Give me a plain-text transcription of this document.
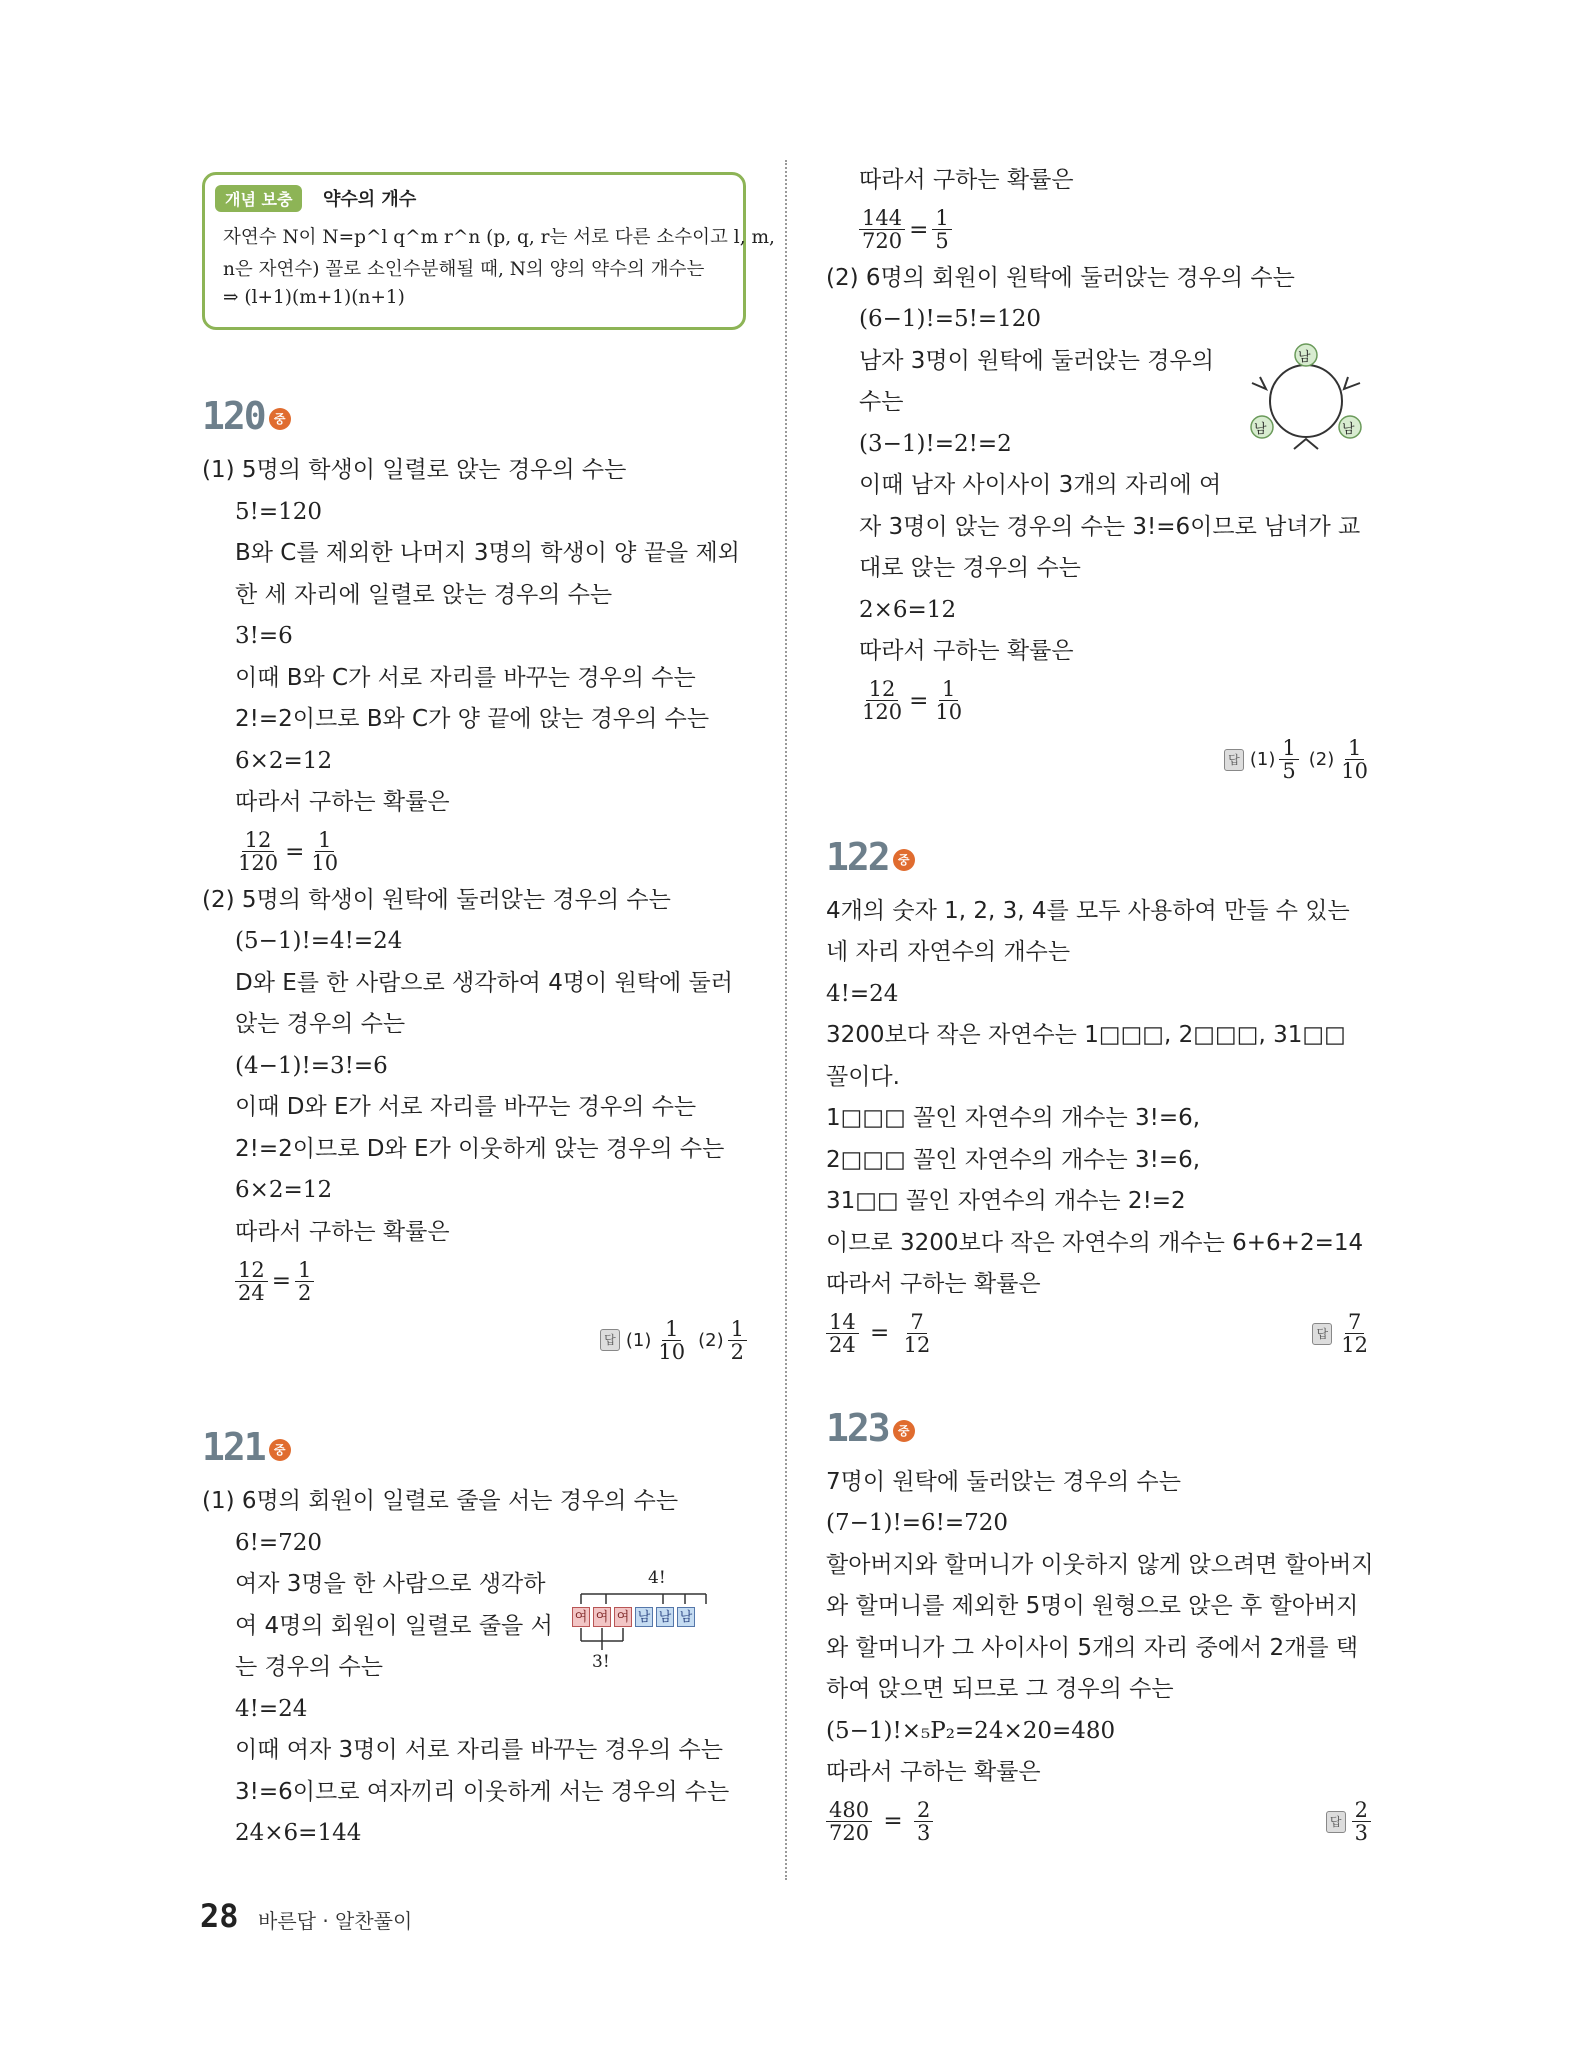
개념 보충	약수의 개수
자연수 N이 N=p^l q^m r^n (p, q, r는 서로 다른 소수이고 l, m,
n은 자연수) 꼴로 소인수분해될 때, N의 양의 약수의 개수는
⇒ (l+1)(m+1)(n+1)
120 중
(1) 5명의 학생이 일렬로 앉는 경우의 수는
5!=120
B와 C를 제외한 나머지 3명의 학생이 양 끝을 제외
한 세 자리에 일렬로 앉는 경우의 수는
3!=6
이때 B와 C가 서로 자리를 바꾸는 경우의 수는
2!=2이므로 B와 C가 양 끝에 앉는 경우의 수는
6×2=12
따라서 구하는 확률은
$\frac{12}{120} = \frac{1}{10}$
(2) 5명의 학생이 원탁에 둘러앉는 경우의 수는
(5−1)!=4!=24
D와 E를 한 사람으로 생각하여 4명이 원탁에 둘러
앉는 경우의 수는
(4−1)!=3!=6
이때 D와 E가 서로 자리를 바꾸는 경우의 수는
2!=2이므로 D와 E가 이웃하게 앉는 경우의 수는
6×2=12
따라서 구하는 확률은
$\frac{12}{24} = \frac{1}{2}$
답 $(1) \frac{1}{10} (2) \frac{1}{2}$
121 중
(1) 6명의 회원이 일렬로 줄을 서는 경우의 수는
6!=720
여자 3명을 한 사람으로 생각하
여 4명의 회원이 일렬로 줄을 서
는 경우의 수는
4!
여 여 여 남 남 남
3!
4!=24
이때 여자 3명이 서로 자리를 바꾸는 경우의 수는
3!=6이므로 여자끼리 이웃하게 서는 경우의 수는
24×6=144
따라서 구하는 확률은
$\frac{144}{720} = \frac{1}{5}$
(2) 6명의 회원이 원탁에 둘러앉는 경우의 수는
(6−1)!=5!=120
남자 3명이 원탁에 둘러앉는 경우의
수는
(3−1)!=2!=2
남
남	남
이때 남자 사이사이 3개의 자리에 여
자 3명이 앉는 경우의 수는 3!=6이므로 남녀가 교
대로 앉는 경우의 수는
2×6=12
따라서 구하는 확률은
$\frac{12}{120} = \frac{1}{10}$
답 $(1) \frac{1}{5} (2) \frac{1}{10}$
122 중
4개의 숫자 1, 2, 3, 4를 모두 사용하여 만들 수 있는
네 자리 자연수의 개수는
4!=24
3200보다 작은 자연수는 1□□□, 2□□□, 31□□
꼴이다.
1□□□ 꼴인 자연수의 개수는 3!=6,
2□□□ 꼴인 자연수의 개수는 3!=6,
31□□ 꼴인 자연수의 개수는 2!=2
이므로 3200보다 작은 자연수의 개수는 6+6+2=14
따라서 구하는 확률은
$\frac{14}{24} = \frac{7}{12}$	답 $\frac{7}{12}$
123 중
7명이 원탁에 둘러앉는 경우의 수는
(7−1)!=6!=720
할아버지와 할머니가 이웃하지 않게 앉으려면 할아버지
와 할머니를 제외한 5명이 원형으로 앉은 후 할아버지
와 할머니가 그 사이사이 5개의 자리 중에서 2개를 택
하여 앉으면 되므로 그 경우의 수는
(5−1)!×₅P₂=24×20=480
따라서 구하는 확률은
$\frac{480}{720} = \frac{2}{3}$	답 $\frac{2}{3}$
28 바른답 · 알찬풀이
